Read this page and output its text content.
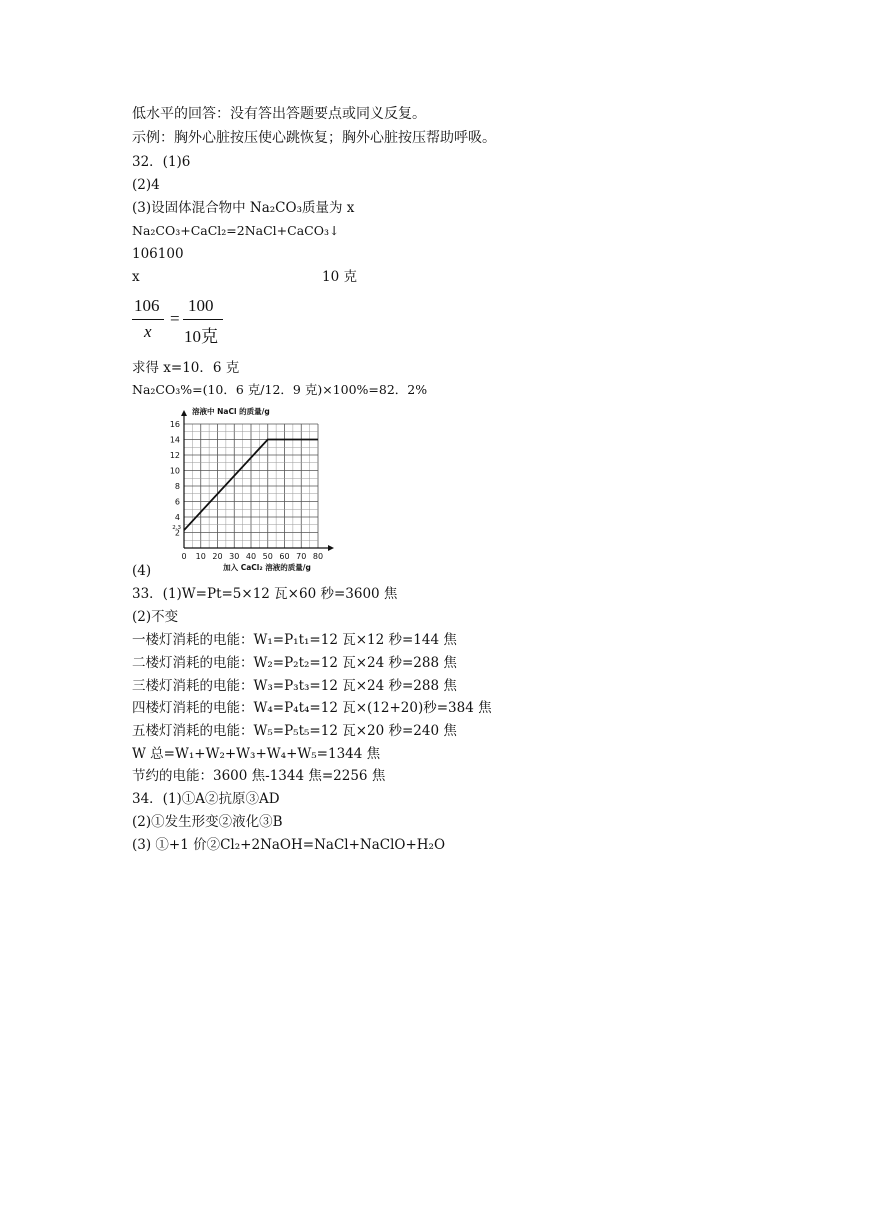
低水平的回答：没有答出答题要点或同义反复。
示例：胸外心脏按压使心跳恢复；胸外心脏按压帮助呼吸。
32．(1)6
(2)4
(3)设固体混合物中 Na₂CO₃质量为 x
Na₂CO₃+CaCl₂=2NaCl+CaCO₃↓
106100
x	10 克
106
x
=
100
10克
求得 x=10．6 克
Na₂CO₃%=(10．6 克/12．9 克)×100%=82．2%
0 10 20 30 40 50 60 70 80
2
4
6
8
10
12
14
16
2.3
溶液中 NaCl 的质量/g
加入 CaCl₂ 溶液的质量/g
(4)
33．(1)W=Pt=5×12 瓦×60 秒=3600 焦
(2)不变
一楼灯消耗的电能：W₁=P₁t₁=12 瓦×12 秒=144 焦
二楼灯消耗的电能：W₂=P₂t₂=12 瓦×24 秒=288 焦
三楼灯消耗的电能：W₃=P₃t₃=12 瓦×24 秒=288 焦
四楼灯消耗的电能：W₄=P₄t₄=12 瓦×(12+20)秒=384 焦
五楼灯消耗的电能：W₅=P₅t₅=12 瓦×20 秒=240 焦
W 总=W₁+W₂+W₃+W₄+W₅=1344 焦
节约的电能：3600 焦-1344 焦=2256 焦
34．(1)①A②抗原③AD
(2)①发生形变②液化③B
(3) ①+1 价②Cl₂+2NaOH=NaCl+NaClO+H₂O
